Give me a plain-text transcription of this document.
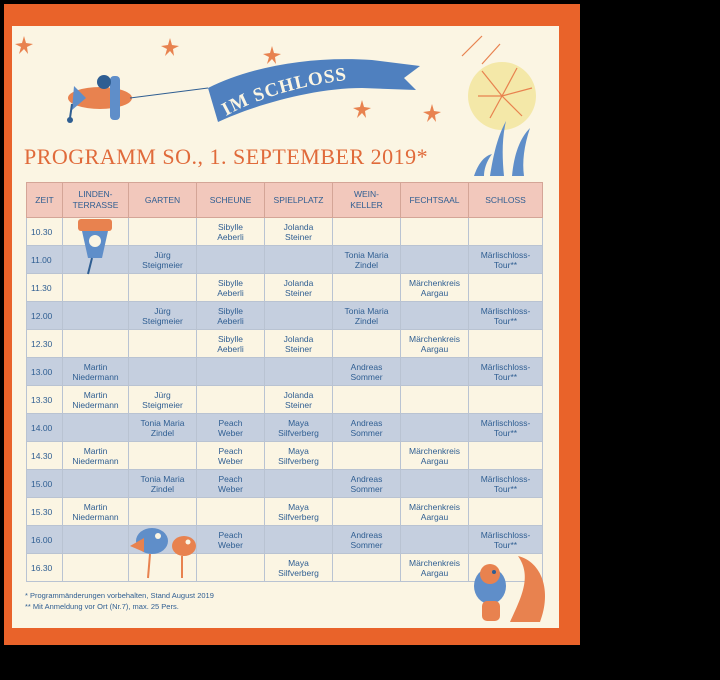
IM SCHLOSS
PROGRAMM SO., 1. SEPTEMBER 2019*
ZEIT	LINDEN-
TERRASSE	GARTEN	SCHEUNE	SPIELPLATZ	WEIN-
KELLER	FECHTSAAL	SCHLOSS
10.30			Sibylle
Aeberli	Jolanda
Steiner			
11.00		Jürg
Steigmeier			Tonia Maria
Zindel		Märlischloss-
Tour**
11.30			Sibylle
Aeberli	Jolanda
Steiner		Märchenkreis
Aargau	
12.00		Jürg
Steigmeier	Sibylle
Aeberli		Tonia Maria
Zindel		Märlischloss-
Tour**
12.30			Sibylle
Aeberli	Jolanda
Steiner		Märchenkreis
Aargau	
13.00	Martin
Niedermann				Andreas
Sommer		Märlischloss-
Tour**
13.30	Martin
Niedermann	Jürg
Steigmeier		Jolanda
Steiner			
14.00		Tonia Maria
Zindel	Peach
Weber	Maya
Silfverberg	Andreas
Sommer		Märlischloss-
Tour**
14.30	Martin
Niedermann		Peach
Weber	Maya
Silfverberg		Märchenkreis
Aargau	
15.00		Tonia Maria
Zindel	Peach
Weber		Andreas
Sommer		Märlischloss-
Tour**
15.30	Martin
Niedermann			Maya
Silfverberg		Märchenkreis
Aargau	
16.00			Peach
Weber		Andreas
Sommer		Märlischloss-
Tour**
16.30				Maya
Silfverberg		Märchenkreis
Aargau	

* Programmänderungen vorbehalten, Stand August 2019

** Mit Anmeldung vor Ort (Nr.7), max. 25 Pers.
